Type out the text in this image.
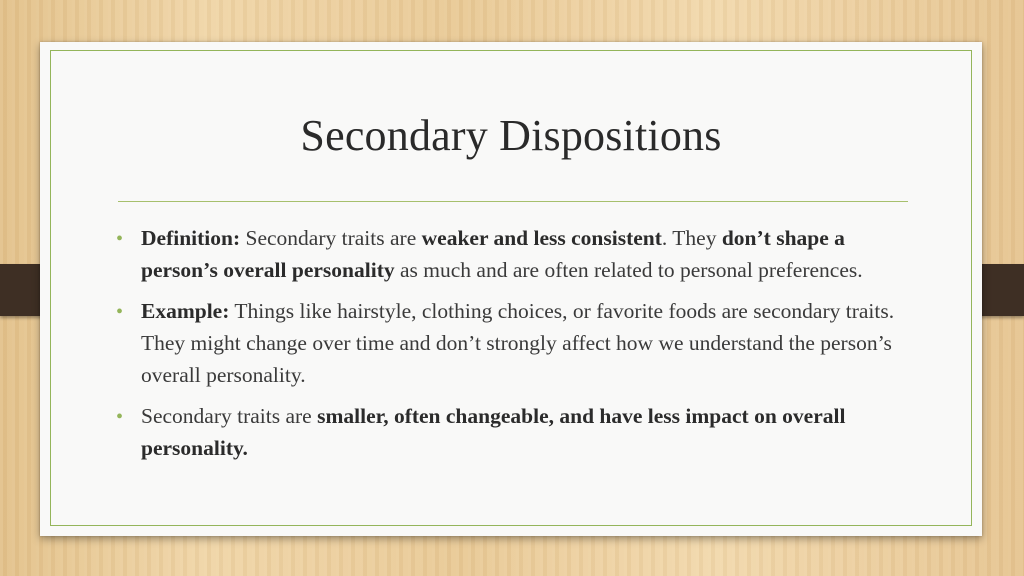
Secondary Dispositions
• Definition: Secondary traits are weaker and less consistent. They don’t shape a person’s overall personality as much and are often related to personal preferences.
• Example: Things like hairstyle, clothing choices, or favorite foods are secondary traits. They might change over time and don’t strongly affect how we understand the person’s overall personality.
• Secondary traits are smaller, often changeable, and have less impact on overall personality.
